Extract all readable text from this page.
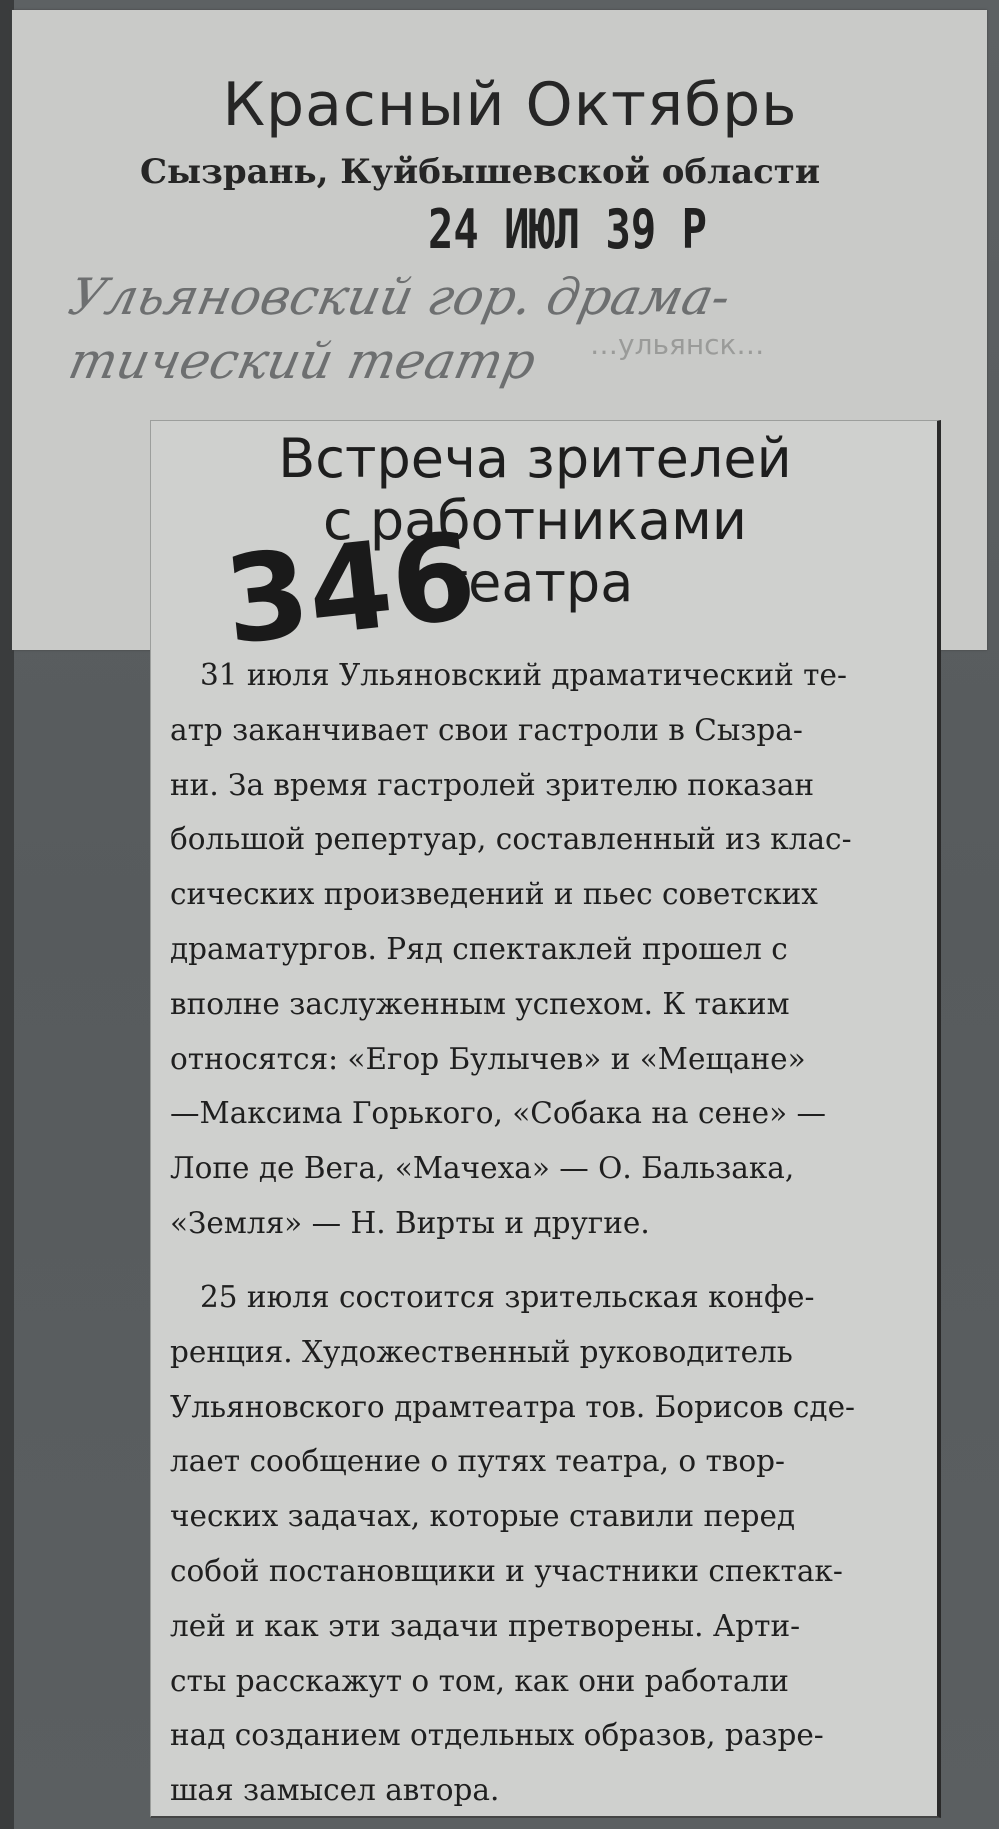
Красный Октябрь
Сызрань, Куйбышевской области
24 ИЮЛ 39 Р
Ульяновский гор. драма-
тический театр	…ульянск…
Встреча зрителей
с работниками
театра
346
31 июля Ульяновский драматический те-
атр заканчивает свои гастроли в Сызра-
ни. За время гастролей зрителю показан
большой репертуар, составленный из клас-
сических произведений и пьес советских
драматургов. Ряд спектаклей прошел с
вполне заслуженным успехом. К таким
относятся: «Егор Булычев» и «Мещане»
—Максима Горького, «Собака на сене» —
Лопе де Вега, «Мачеха» — О. Бальзака,
«Земля» — Н. Вирты и другие.
25 июля состоится зрительская конфе-
ренция. Художественный руководитель
Ульяновского драмтеатра тов. Борисов сде-
лает сообщение о путях театра, о твор-
ческих задачах, которые ставили перед
собой постановщики и участники спектак-
лей и как эти задачи претворены. Арти-
сты расскажут о том, как они работали
над созданием отдельных образов, разре-
шая замысел автора.
